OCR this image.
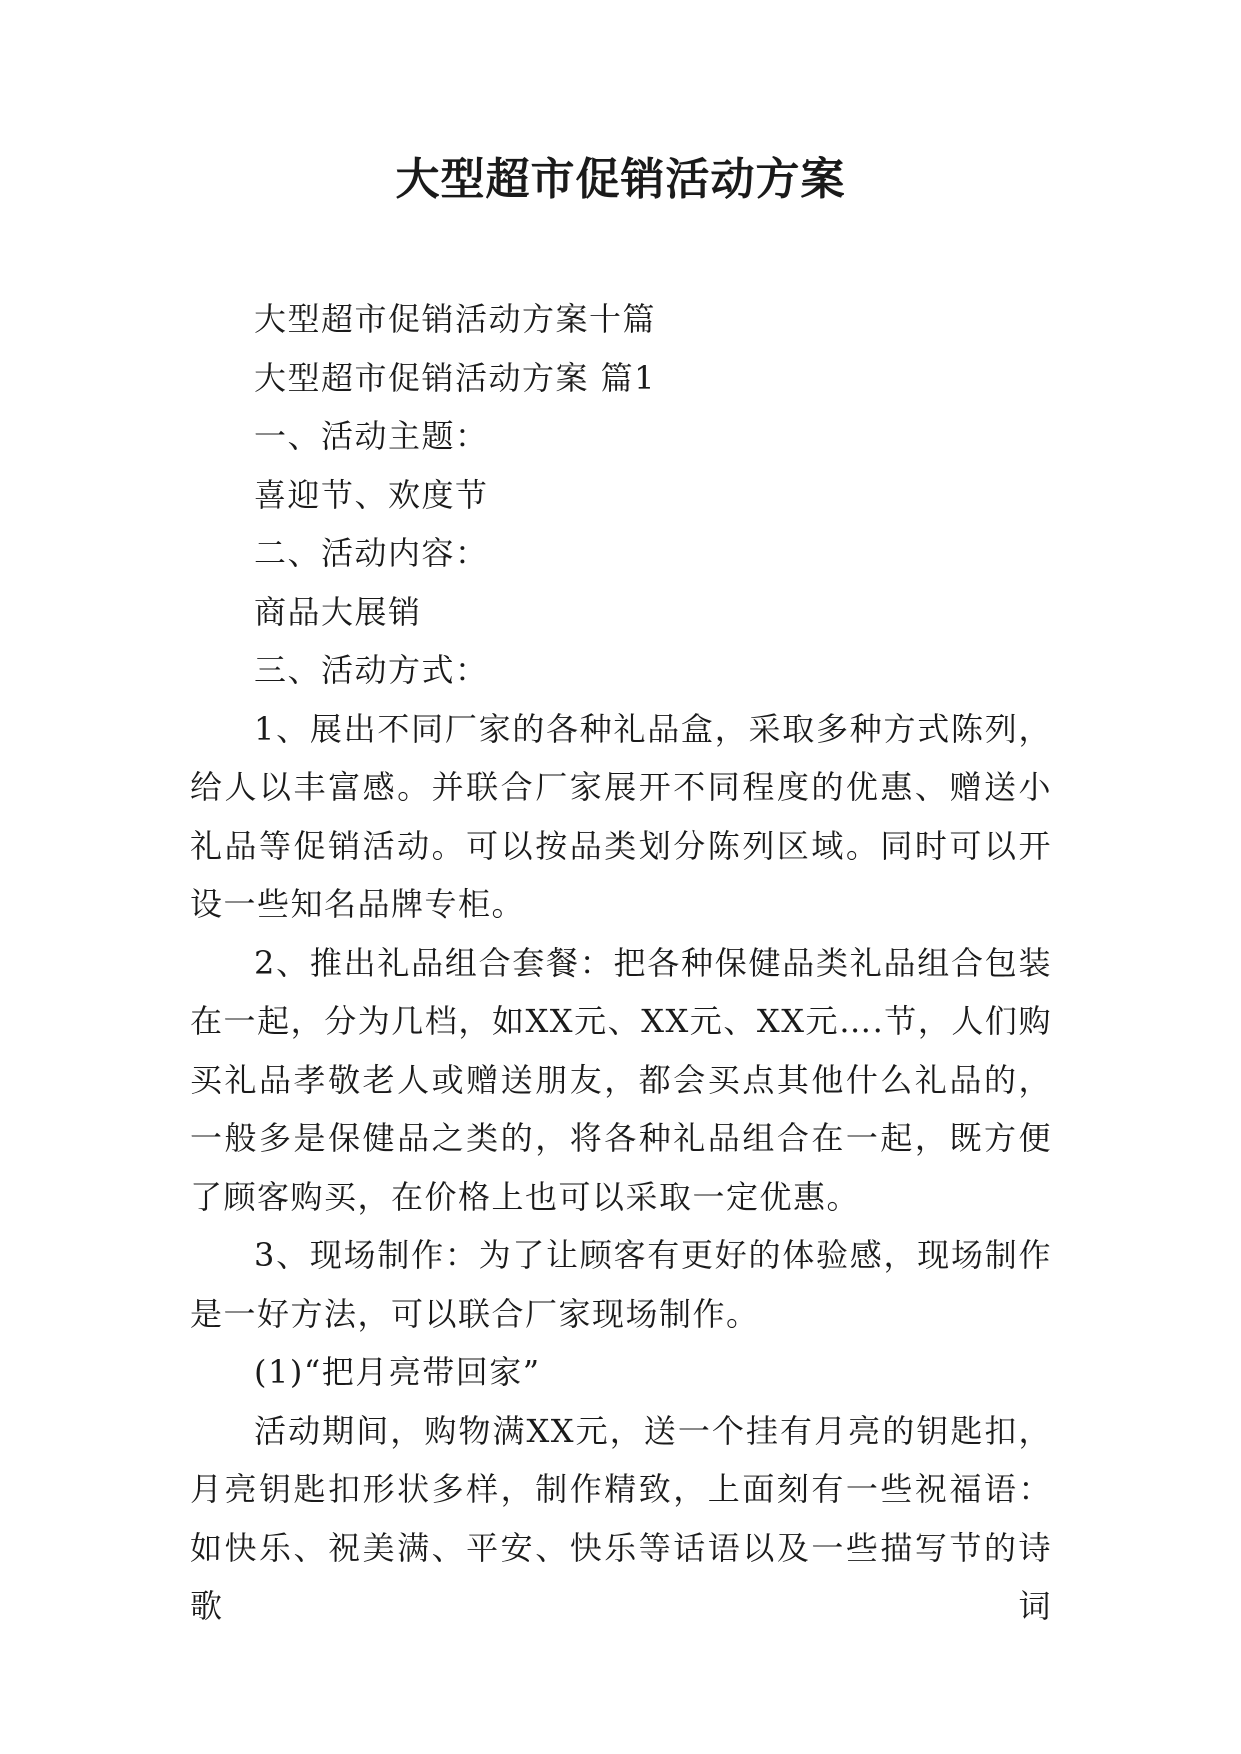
大型超市促销活动方案

大型超市促销活动方案十篇

大型超市促销活动方案 篇1

一、活动主题：

喜迎节、欢度节

二、活动内容：

商品大展销

三、活动方式：

1、展出不同厂家的各种礼品盒，采取多种方式陈列，给人以丰富感。并联合厂家展开不同程度的优惠、赠送小礼品等促销活动。可以按品类划分陈列区域。同时可以开设一些知名品牌专柜。

2、推出礼品组合套餐：把各种保健品类礼品组合包装在一起，分为几档，如XX元、XX元、XX元….节，人们购买礼品孝敬老人或赠送朋友，都会买点其他什么礼品的，一般多是保健品之类的，将各种礼品组合在一起，既方便了顾客购买，在价格上也可以采取一定优惠。

3、现场制作：为了让顾客有更好的体验感，现场制作是一好方法，可以联合厂家现场制作。

(1)“把月亮带回家”

活动期间，购物满XX元，送一个挂有月亮的钥匙扣，月亮钥匙扣形状多样，制作精致，上面刻有一些祝福语：如快乐、祝美满、平安、快乐等话语以及一些描写节的诗歌词
